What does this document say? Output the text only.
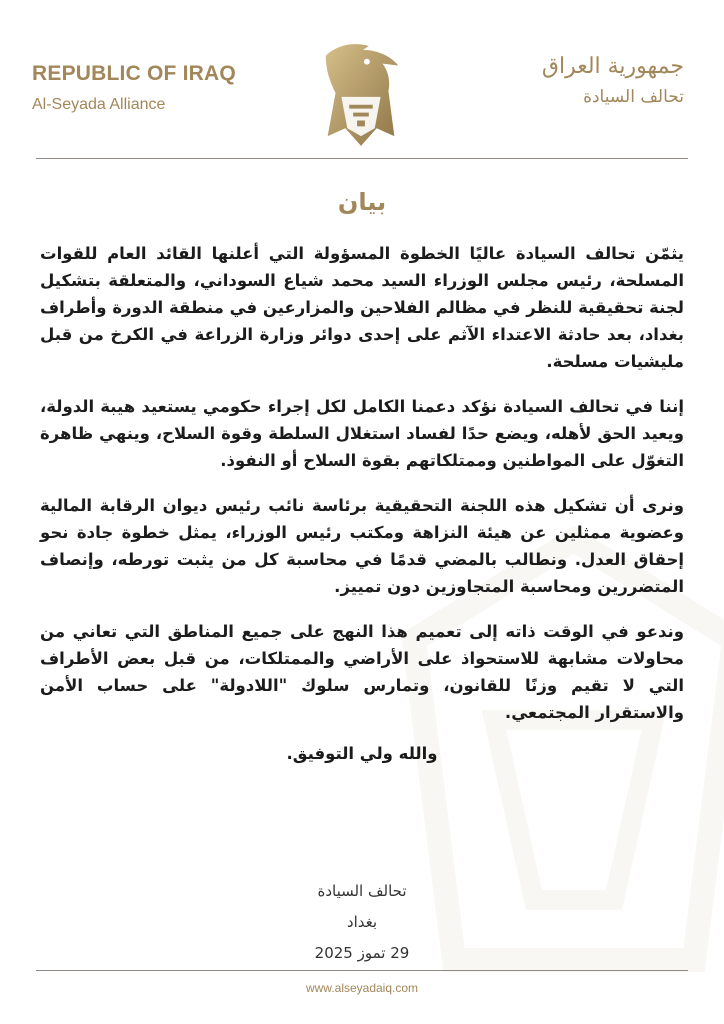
REPUBLIC OF IRAQ
Al-Seyada Alliance
جمهورية العراق
تحالف السيادة
بيان

يثمّن تحالف السيادة عاليًا الخطوة المسؤولة التي أعلنها القائد العام للقوات المسلحة، رئيس مجلس الوزراء السيد محمد شياع السوداني، والمتعلقة بتشكيل لجنة تحقيقية للنظر في مظالم الفلاحين والمزارعين في منطقة الدورة وأطراف بغداد، بعد حادثة الاعتداء الآثم على إحدى دوائر وزارة الزراعة في الكرخ من قبل مليشيات مسلحة.

إننا في تحالف السيادة نؤكد دعمنا الكامل لكل إجراء حكومي يستعيد هيبة الدولة، ويعيد الحق لأهله، ويضع حدًا لفساد استغلال السلطة وقوة السلاح، وينهي ظاهرة التغوّل على المواطنين وممتلكاتهم بقوة السلاح أو النفوذ.

ونرى أن تشكيل هذه اللجنة التحقيقية برئاسة نائب رئيس ديوان الرقابة المالية وعضوية ممثلين عن هيئة النزاهة ومكتب رئيس الوزراء، يمثل خطوة جادة نحو إحقاق العدل. ونطالب بالمضي قدمًا في محاسبة كل من يثبت تورطه، وإنصاف المتضررين ومحاسبة المتجاوزين دون تمييز.

وندعو في الوقت ذاته إلى تعميم هذا النهج على جميع المناطق التي تعاني من محاولات مشابهة للاستحواذ على الأراضي والممتلكات، من قبل بعض الأطراف التي لا تقيم وزنًا للقانون، وتمارس سلوك "اللادولة" على حساب الأمن والاستقرار المجتمعي.

والله ولي التوفيق.

تحالف السيادة
بغداد
29 تموز 2025
www.alseyadaiq.com
